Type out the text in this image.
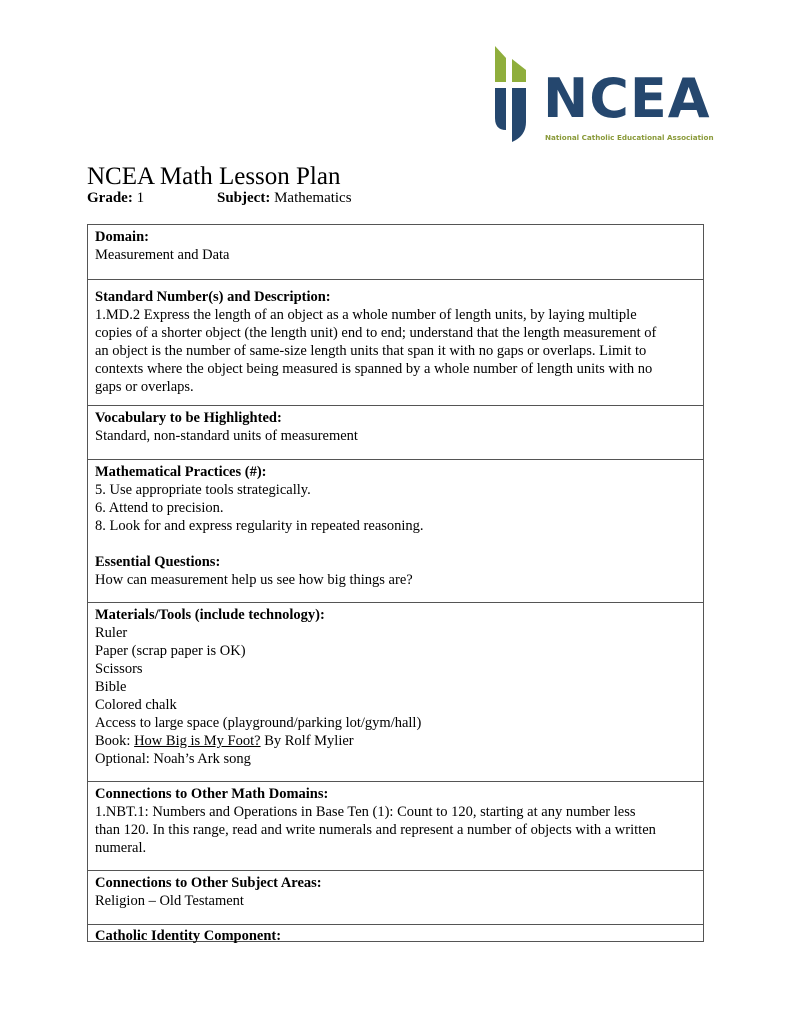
NCEA
National Catholic Educational Association
NCEA Math Lesson Plan
Grade: 1	Subject: Mathematics
Domain:
Measurement and Data
Standard Number(s) and Description:
1.MD.2 Express the length of an object as a whole number of length units, by laying multiple
copies of a shorter object (the length unit) end to end; understand that the length measurement of
an object is the number of same-size length units that span it with no gaps or overlaps. Limit to
contexts where the object being measured is spanned by a whole number of length units with no
gaps or overlaps.
Vocabulary to be Highlighted:
Standard, non-standard units of measurement
Mathematical Practices (#):
5. Use appropriate tools strategically.
6. Attend to precision.
8. Look for and express regularity in repeated reasoning.
Essential Questions:
How can measurement help us see how big things are?
Materials/Tools (include technology):
Ruler
Paper (scrap paper is OK)
Scissors
Bible
Colored chalk
Access to large space (playground/parking lot/gym/hall)
Book: How Big is My Foot? By Rolf Mylier
Optional: Noah’s Ark song
Connections to Other Math Domains:
1.NBT.1: Numbers and Operations in Base Ten (1): Count to 120, starting at any number less
than 120. In this range, read and write numerals and represent a number of objects with a written
numeral.
Connections to Other Subject Areas:
Religion – Old Testament
Catholic Identity Component:
